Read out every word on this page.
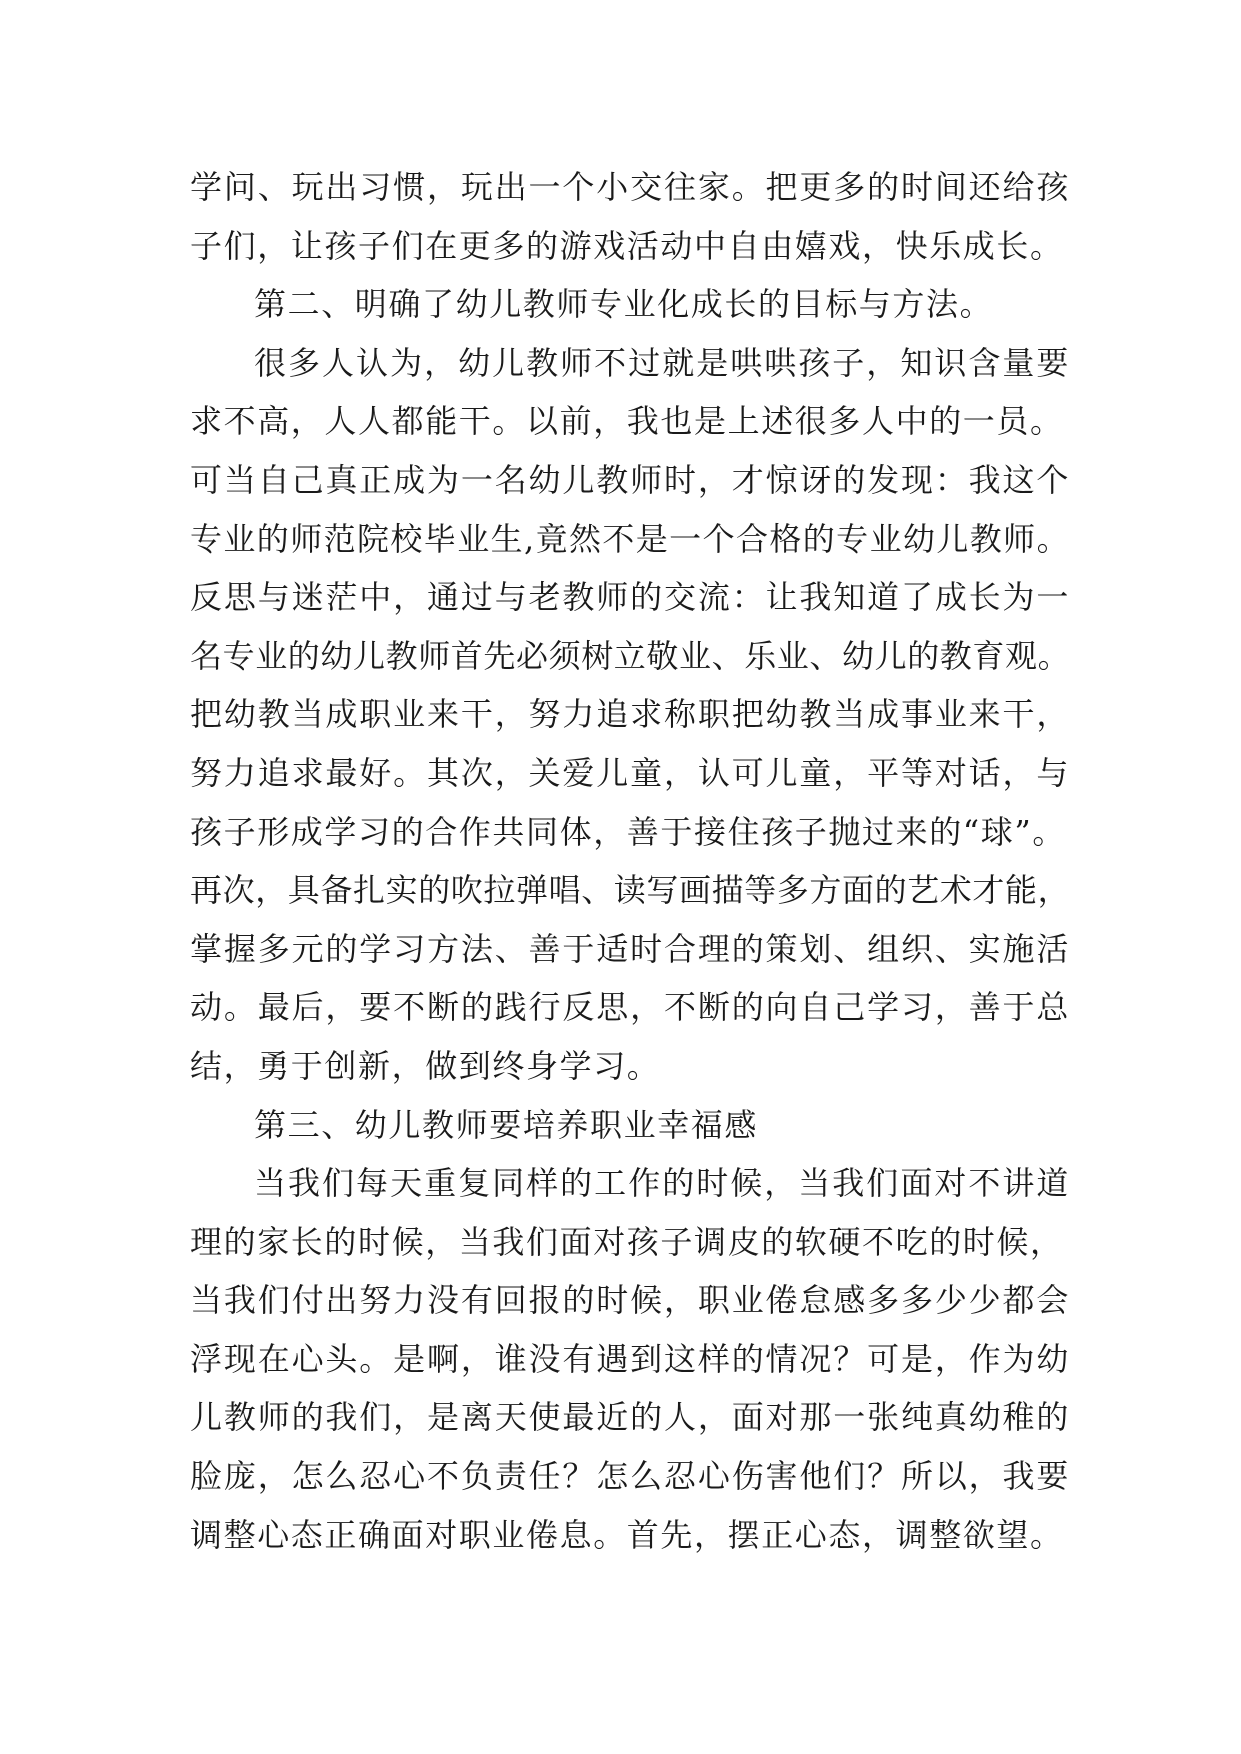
学问、玩出习惯，玩出一个小交往家。把更多的时间还给孩
子们，让孩子们在更多的游戏活动中自由嬉戏，快乐成长。
第二、明确了幼儿教师专业化成长的目标与方法。
很多人认为，幼儿教师不过就是哄哄孩子，知识含量要
求不高，人人都能干。以前，我也是上述很多人中的一员。
可当自己真正成为一名幼儿教师时，才惊讶的发现：我这个
专业的师范院校毕业生,竟然不是一个合格的专业幼儿教师。
反思与迷茫中，通过与老教师的交流：让我知道了成长为一
名专业的幼儿教师首先必须树立敬业、乐业、幼儿的教育观。
把幼教当成职业来干，努力追求称职把幼教当成事业来干，
努力追求最好。其次，关爱儿童，认可儿童，平等对话，与
孩子形成学习的合作共同体，善于接住孩子抛过来的“球”。
再次，具备扎实的吹拉弹唱、读写画描等多方面的艺术才能，
掌握多元的学习方法、善于适时合理的策划、组织、实施活
动。最后，要不断的践行反思，不断的向自己学习，善于总
结，勇于创新，做到终身学习。
第三、幼儿教师要培养职业幸福感
当我们每天重复同样的工作的时候，当我们面对不讲道
理的家长的时候，当我们面对孩子调皮的软硬不吃的时候，
当我们付出努力没有回报的时候，职业倦怠感多多少少都会
浮现在心头。是啊，谁没有遇到这样的情况？可是，作为幼
儿教师的我们，是离天使最近的人，面对那一张纯真幼稚的
脸庞，怎么忍心不负责任？怎么忍心伤害他们？所以，我要
调整心态正确面对职业倦息。首先，摆正心态，调整欲望。
